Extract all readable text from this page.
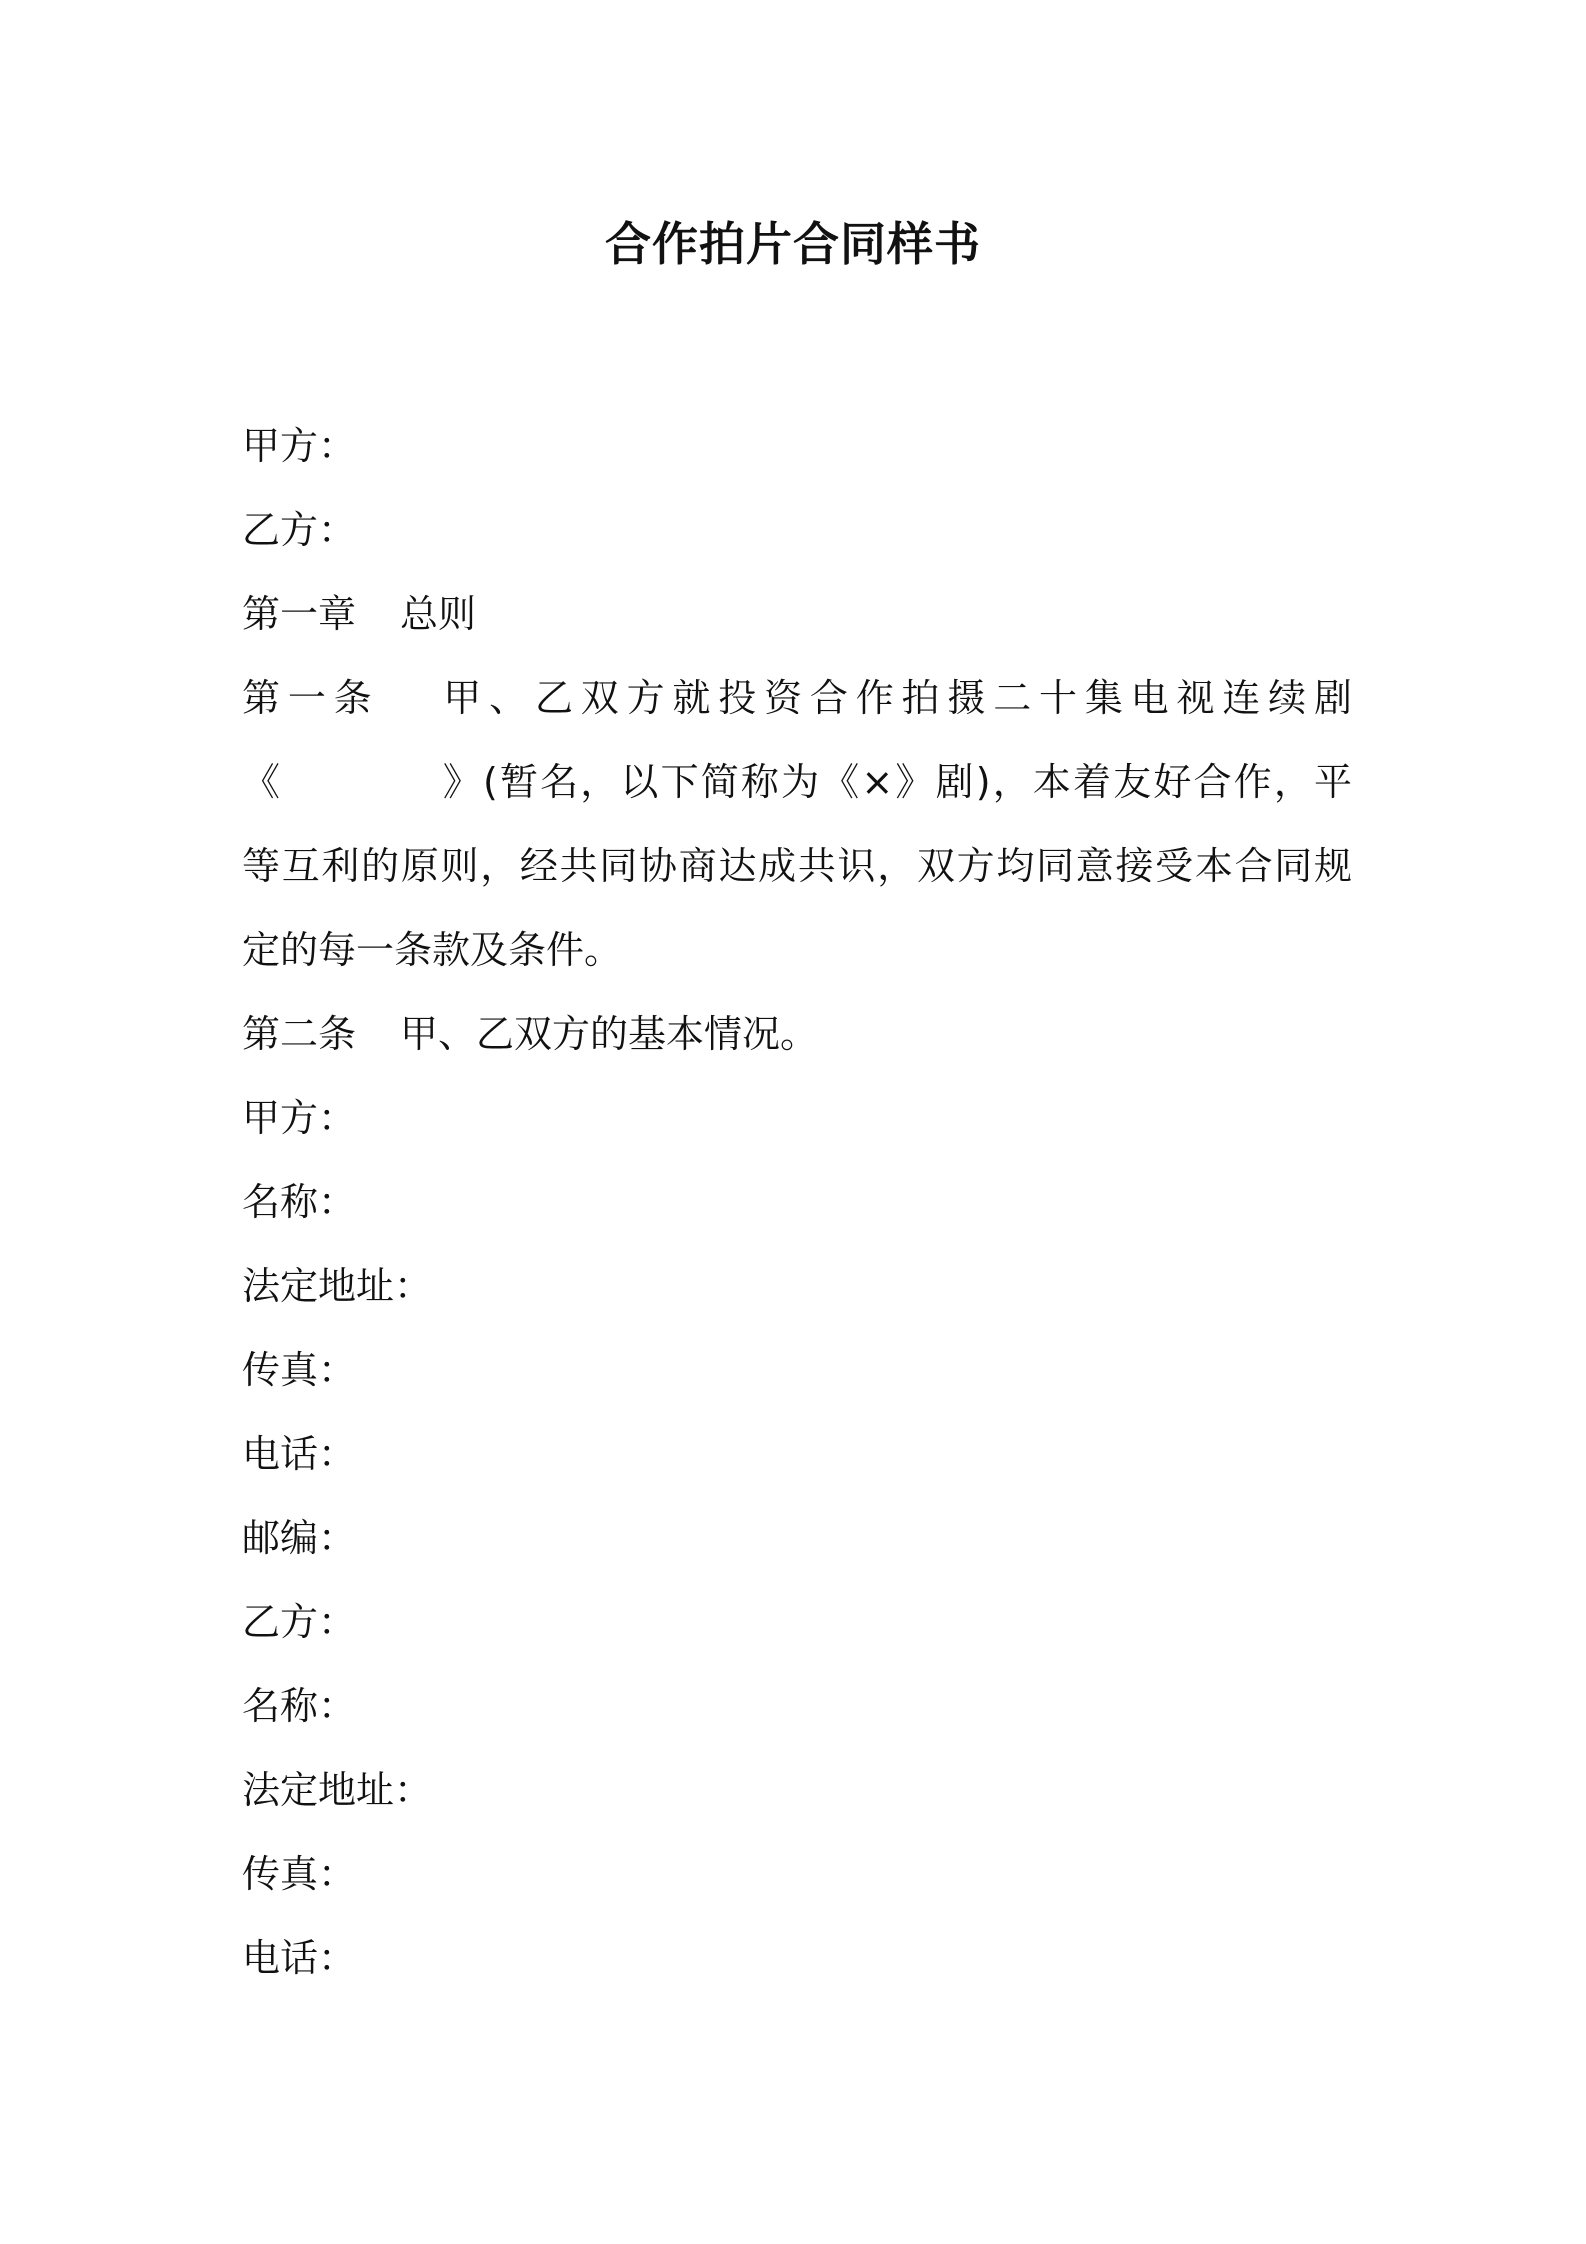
合作拍片合同样书
甲方：
乙方：
第一章 总则
第一条 甲、乙双方就投资合作拍摄二十集电视连续剧
《　　　　》(暂名，以下简称为《×》剧)，本着友好合作，平
等互利的原则，经共同协商达成共识，双方均同意接受本合同规
定的每一条款及条件。
第二条 甲、乙双方的基本情况。
甲方：
名称：
法定地址：
传真：
电话：
邮编：
乙方：
名称：
法定地址：
传真：
电话：
